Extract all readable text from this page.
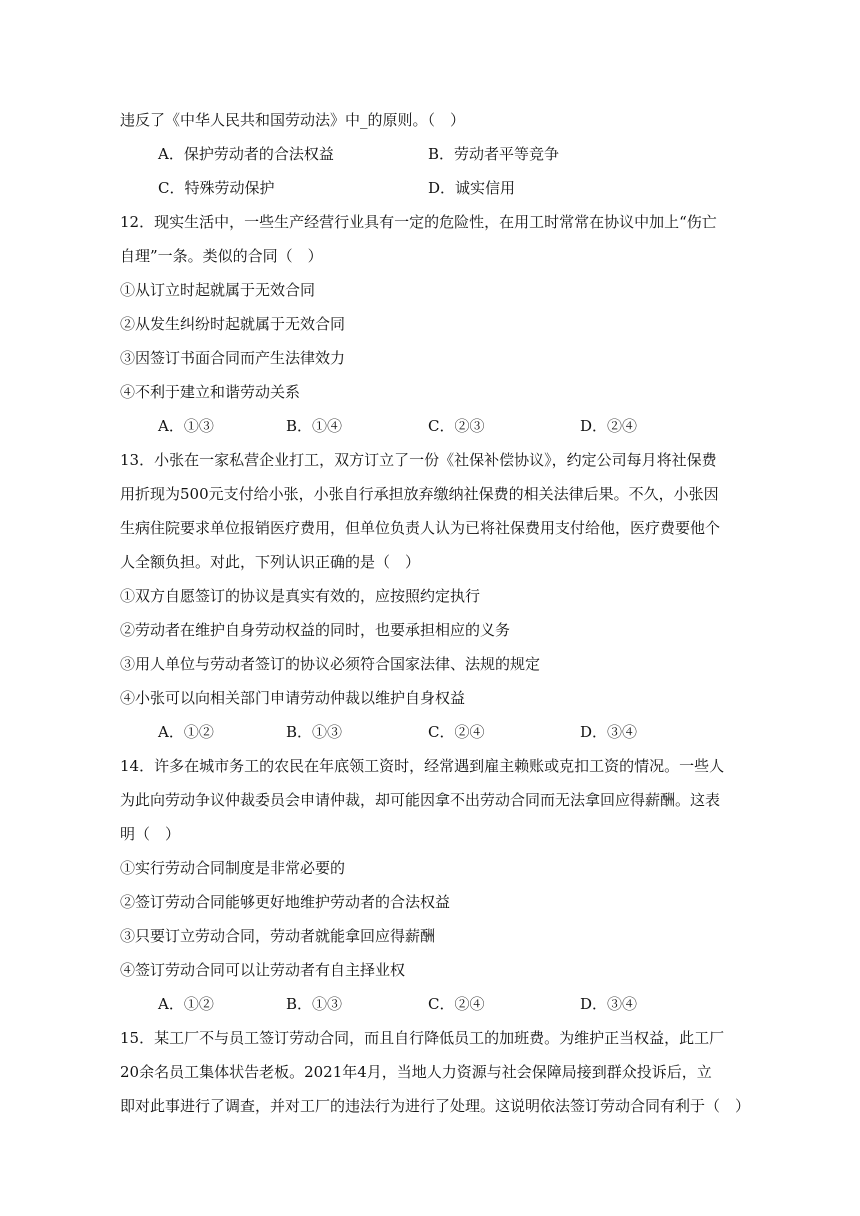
违反了《中华人民共和国劳动法》中_的原则。（　）
A．保护劳动者的合法权益	B．劳动者平等竞争
C．特殊劳动保护	D．诚实信用
12．现实生活中，一些生产经营行业具有一定的危险性，在用工时常常在协议中加上“伤亡
自理”一条。类似的合同（　）
①从订立时起就属于无效合同
②从发生纠纷时起就属于无效合同
③因签订书面合同而产生法律效力
④不利于建立和谐劳动关系
A．①③	B．①④	C．②③	D．②④
13．小张在一家私营企业打工，双方订立了一份《社保补偿协议》，约定公司每月将社保费
用折现为500元支付给小张，小张自行承担放弃缴纳社保费的相关法律后果。不久，小张因
生病住院要求单位报销医疗费用，但单位负责人认为已将社保费用支付给他，医疗费要他个
人全额负担。对此，下列认识正确的是（　）
①双方自愿签订的协议是真实有效的，应按照约定执行
②劳动者在维护自身劳动权益的同时，也要承担相应的义务
③用人单位与劳动者签订的协议必须符合国家法律、法规的规定
④小张可以向相关部门申请劳动仲裁以维护自身权益
A．①②	B．①③	C．②④	D．③④
14．许多在城市务工的农民在年底领工资时，经常遇到雇主赖账或克扣工资的情况。一些人
为此向劳动争议仲裁委员会申请仲裁，却可能因拿不出劳动合同而无法拿回应得薪酬。这表
明（　）
①实行劳动合同制度是非常必要的
②签订劳动合同能够更好地维护劳动者的合法权益
③只要订立劳动合同，劳动者就能拿回应得薪酬
④签订劳动合同可以让劳动者有自主择业权
A．①②	B．①③	C．②④	D．③④
15．某工厂不与员工签订劳动合同，而且自行降低员工的加班费。为维护正当权益，此工厂
20余名员工集体状告老板。2021年4月，当地人力资源与社会保障局接到群众投诉后，立
即对此事进行了调查，并对工厂的违法行为进行了处理。这说明依法签订劳动合同有利于（　）
